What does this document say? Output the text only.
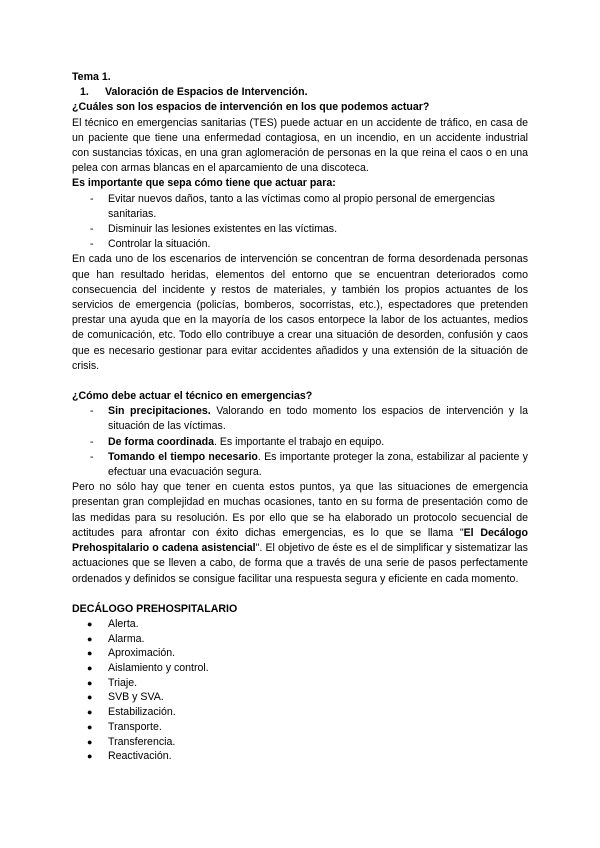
Tema 1.

1.	Valoración de Espacios de Intervención.

¿Cuáles son los espacios de intervención en los que podemos actuar?

El técnico en emergencias sanitarias (TES) puede actuar en un accidente de tráfico, en casa de un paciente que tiene una enfermedad contagiosa, en un incendio, en un accidente industrial con sustancias tóxicas, en una gran aglomeración de personas en la que reina el caos o en una pelea con armas blancas en el aparcamiento de una discoteca.

Es importante que sepa cómo tiene que actuar para:

-	Evitar nuevos daños, tanto a las víctimas como al propio personal de emergencias sanitarias.
-	Disminuir las lesiones existentes en las víctimas.
-	Controlar la situación.

En cada uno de los escenarios de intervención se concentran de forma desordenada personas que han resultado heridas, elementos del entorno que se encuentran deteriorados como consecuencia del incidente y restos de materiales, y también los propios actuantes de los servicios de emergencia (policías, bomberos, socorristas, etc.), espectadores que pretenden prestar una ayuda que en la mayoría de los casos entorpece la labor de los actuantes, medios de comunicación, etc. Todo ello contribuye a crear una situación de desorden, confusión y caos que es necesario gestionar para evitar accidentes añadidos y una extensión de la situación de crisis.

¿Cómo debe actuar el técnico en emergencias?

-	Sin precipitaciones. Valorando en todo momento los espacios de intervención y la situación de las víctimas.
-	De forma coordinada. Es importante el trabajo en equipo.
-	Tomando el tiempo necesario. Es importante proteger la zona, estabilizar al paciente y efectuar una evacuación segura.

Pero no sólo hay que tener en cuenta estos puntos, ya que las situaciones de emergencia presentan gran complejidad en muchas ocasiones, tanto en su forma de presentación como de las medidas para su resolución. Es por ello que se ha elaborado un protocolo secuencial de actitudes para afrontar con éxito dichas emergencias, es lo que se llama "El Decálogo Prehospitalario o cadena asistencial". El objetivo de éste es el de simplificar y sistematizar las actuaciones que se lleven a cabo, de forma que a través de una serie de pasos perfectamente ordenados y definidos se consigue facilitar una respuesta segura y eficiente en cada momento.

DECÁLOGO PREHOSPITALARIO

●	Alerta.
●	Alarma.
●	Aproximación.
●	Aislamiento y control.
●	Triaje.
●	SVB y SVA.
●	Estabilización.
●	Transporte.
●	Transferencia.
●	Reactivación.
